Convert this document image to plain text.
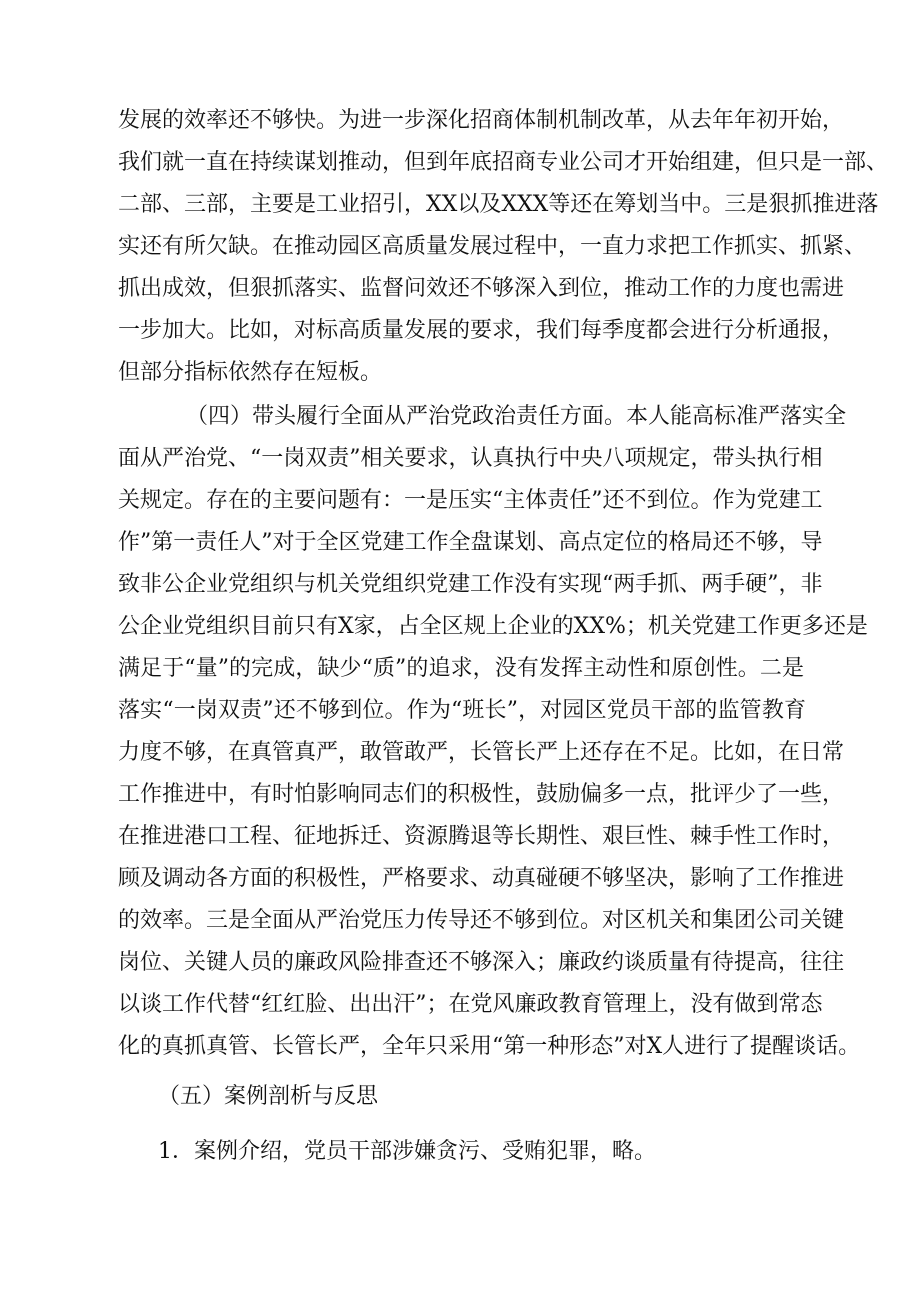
发展的效率还不够快。为进一步深化招商体制机制改革，从去年年初开始，
我们就一直在持续谋划推动，但到年底招商专业公司才开始组建，但只是一部、
二部、三部，主要是工业招引，XX以及XXX等还在筹划当中。三是狠抓推进落
实还有所欠缺。在推动园区高质量发展过程中，一直力求把工作抓实、抓紧、
抓出成效，但狠抓落实、监督问效还不够深入到位，推动工作的力度也需进
一步加大。比如，对标高质量发展的要求，我们每季度都会进行分析通报，
但部分指标依然存在短板。
（四）带头履行全面从严治党政治责任方面。本人能高标准严落实全
面从严治党、“一岗双责”相关要求，认真执行中央八项规定，带头执行相
关规定。存在的主要问题有：一是压实“主体责任”还不到位。作为党建工
作”第一责任人”对于全区党建工作全盘谋划、高点定位的格局还不够，导
致非公企业党组织与机关党组织党建工作没有实现“两手抓、两手硬”，非
公企业党组织目前只有X家，占全区规上企业的XX%；机关党建工作更多还是
满足于“量”的完成，缺少“质”的追求，没有发挥主动性和原创性。二是
落实“一岗双责”还不够到位。作为“班长”，对园区党员干部的监管教育
力度不够，在真管真严，敢管敢严，长管长严上还存在不足。比如，在日常
工作推进中，有时怕影响同志们的积极性，鼓励偏多一点，批评少了一些，
在推进港口工程、征地拆迁、资源腾退等长期性、艰巨性、棘手性工作时，
顾及调动各方面的积极性，严格要求、动真碰硬不够坚决，影响了工作推进
的效率。三是全面从严治党压力传导还不够到位。对区机关和集团公司关键
岗位、关键人员的廉政风险排查还不够深入；廉政约谈质量有待提高，往往
以谈工作代替“红红脸、出出汗”；在党风廉政教育管理上，没有做到常态
化的真抓真管、长管长严，全年只采用“第一种形态”对X人进行了提醒谈话。
（五）案例剖析与反思
1．案例介绍，党员干部涉嫌贪污、受贿犯罪，略。
